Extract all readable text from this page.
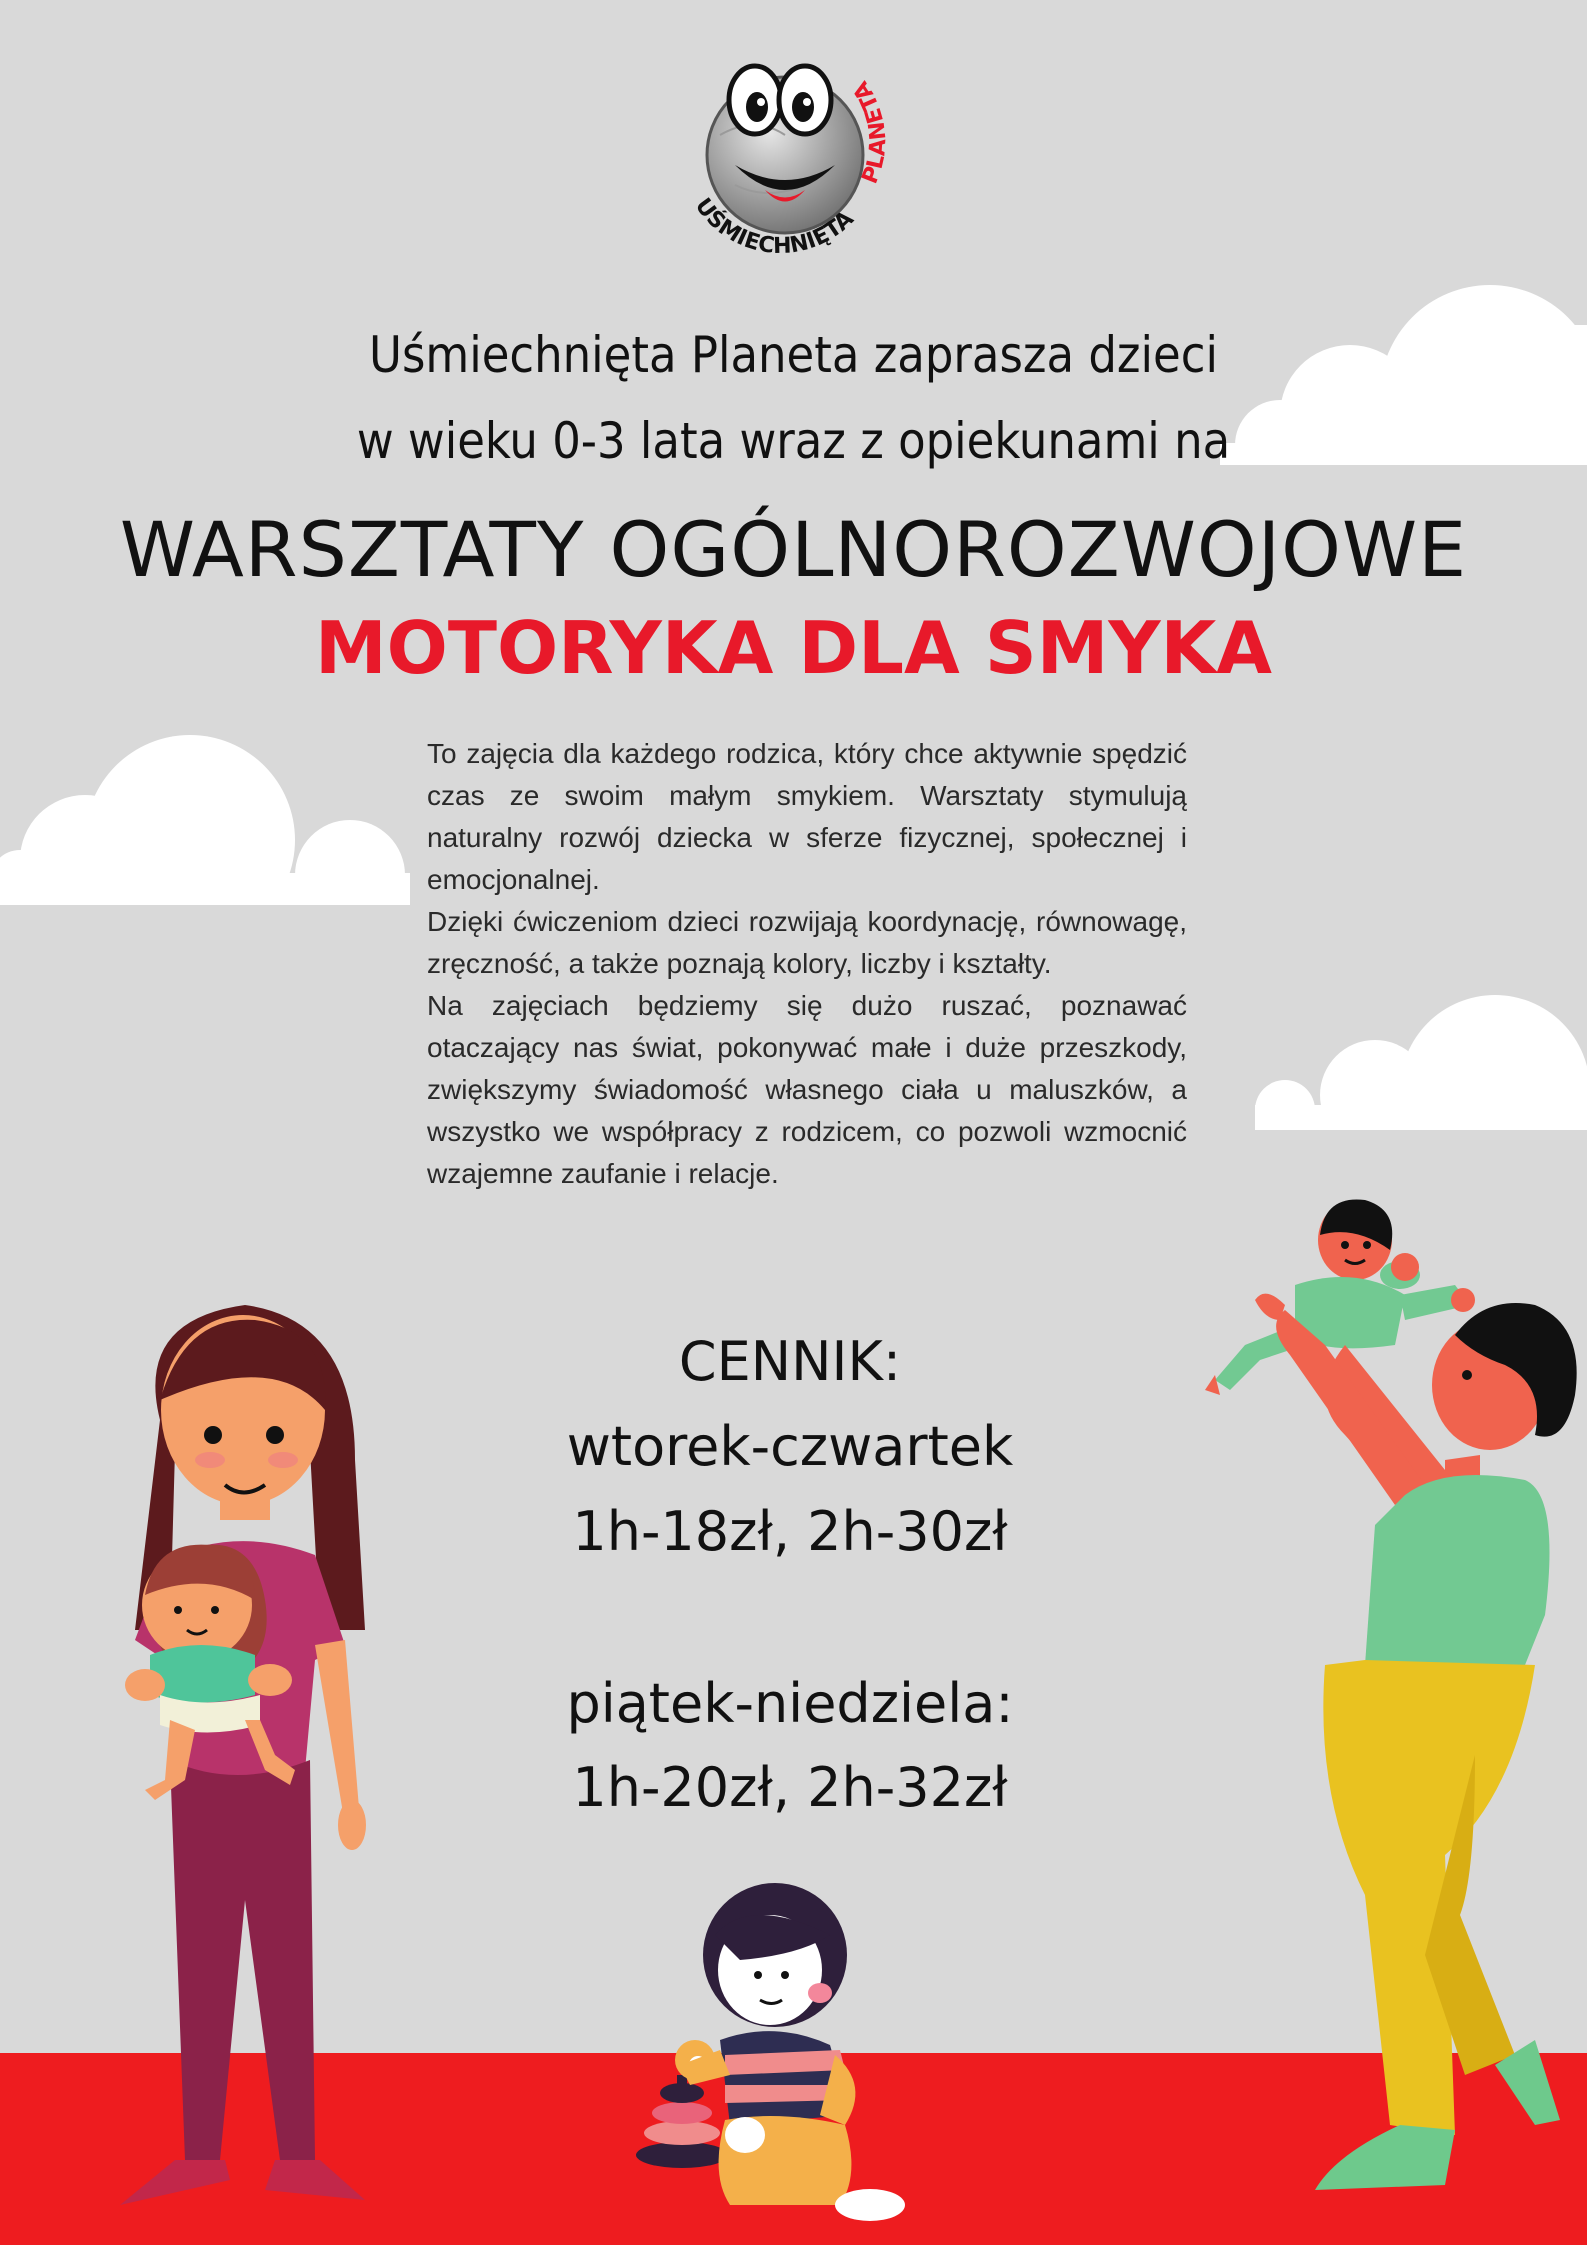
UŚMIECHNIĘTA
PLANETA
Uśmiechnięta Planeta zaprasza dzieci
w wieku 0-3 lata wraz z opiekunami na
WARSZTATY OGÓLNOROZWOJOWE
MOTORYKA DLA SMYKA

To zajęcia dla każdego rodzica, który chce aktywnie spędzić czas ze swoim małym smykiem. Warsztaty stymulują naturalny rozwój dziecka w sferze fizycznej, społecznej i emocjonalnej.

Dzięki ćwiczeniom dzieci rozwijają koordynację, równowagę, zręczność, a także poznają kolory, liczby i kształty.

Na zajęciach będziemy się dużo ruszać, poznawać otaczający nas świat, pokonywać małe i duże przeszkody, zwiększymy świadomość własnego ciała u maluszków, a wszystko we współpracy z rodzicem, co pozwoli wzmocnić wzajemne zaufanie i relacje.

CENNIK:
wtorek-czwartek
1h-18zł, 2h-30zł
piątek-niedziela:
1h-20zł, 2h-32zł
